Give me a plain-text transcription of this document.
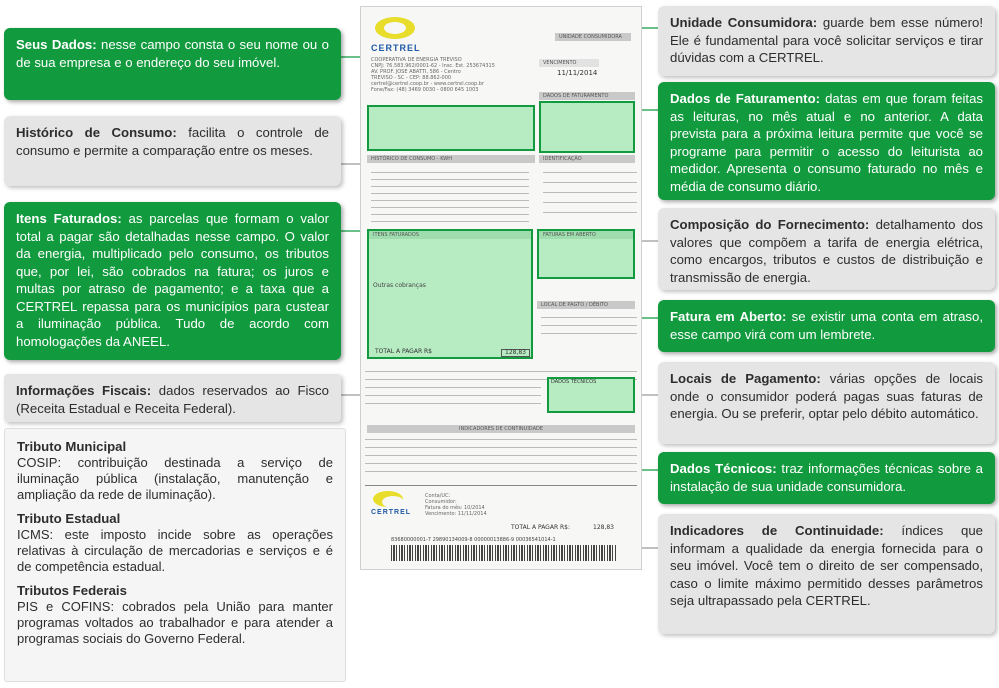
Seus Dados: nesse campo consta o seu nome ou o de sua empresa e o endereço do seu imóvel.
Histórico de Consumo: facilita o controle de consumo e permite a comparação entre os meses.
Itens Faturados: as parcelas que formam o valor total a pagar são detalhadas nesse campo. O valor da energia, multiplicado pelo consumo, os tributos que, por lei, são cobrados na fatura; os juros e multas por atraso de pagamento; e a taxa que a CERTREL repassa para os municípios para custear a iluminação pública. Tudo de acordo com homologações da ANEEL.
Informações Fiscais: dados reservados ao Fisco (Receita Estadual e Receita Federal).
Tributo Municipal

COSIP: contribuição destinada a serviço de iluminação pública (instalação, manutenção e ampliação da rede de iluminação).

Tributo Estadual

ICMS: este imposto incide sobre as operações relativas à circulação de mercadorias e serviços e é de competência estadual.

Tributos Federais

PIS e COFINS: cobrados pela União para manter programas voltados ao trabalhador e para atender a programas sociais do Governo Federal.

Unidade Consumidora: guarde bem esse número! Ele é fundamental para você solicitar serviços e tirar dúvidas com a CERTREL.
Dados de Faturamento: datas em que foram feitas as leituras, no mês atual e no anterior. A data prevista para a próxima leitura permite que você se programe para permitir o acesso do leiturista ao medidor. Apresenta o consumo faturado no mês e média de consumo diário.
Composição do Fornecimento: detalhamento dos valores que compõem a tarifa de energia elétrica, como encargos, tributos e custos de distribuição e transmissão de energia.
Fatura em Aberto: se existir uma conta em atraso, esse campo virá com um lembrete.
Locais de Pagamento: várias opções de locais onde o consumidor poderá pagas suas faturas de energia. Ou se preferir, optar pelo débito automático.
Dados Técnicos: traz informações técnicas sobre a instalação de sua unidade consumidora.
Indicadores de Continuidade: índices que informam a qualidade da energia fornecida para o seu imóvel. Você tem o direito de ser compensado, caso o limite máximo permitido desses parâmetros seja ultrapassado pela CERTREL.
CERTREL
COOPERATIVA DE ENERGIA TREVISO
CNPJ: 76.583.962/0001-62 - Insc. Est. 253674315
AV. PROF. JOSE ABATTI, 586 - Centro
TREVISO - SC - CEP: 88.862-000
certrel@certrel.coop.br - www.certrel.coop.br
Fone/Fax: (48) 3469 0030 - 0800 645 1003
UNIDADE CONSUMIDORA
VENCIMENTO
11/11/2014
DADOS DE FATURAMENTO
HISTÓRICO DE CONSUMO - KWH	IDENTIFICAÇÃO
ITENS FATURADOS
Outras cobranças
TOTAL A PAGAR R$	128,83
FATURAS EM ABERTO
LOCAL DE PAGTO / DÉBITO
DADOS TÉCNICOS
INDICADORES DE CONTINUIDADE
CERTREL
Conta/UC:
Consumidor:
Fatura do mês: 10/2014
Vencimento: 11/11/2014
TOTAL A PAGAR R$:	128,83
83680000001-7 29890134009-8 00000013886-9 00036541014-1
